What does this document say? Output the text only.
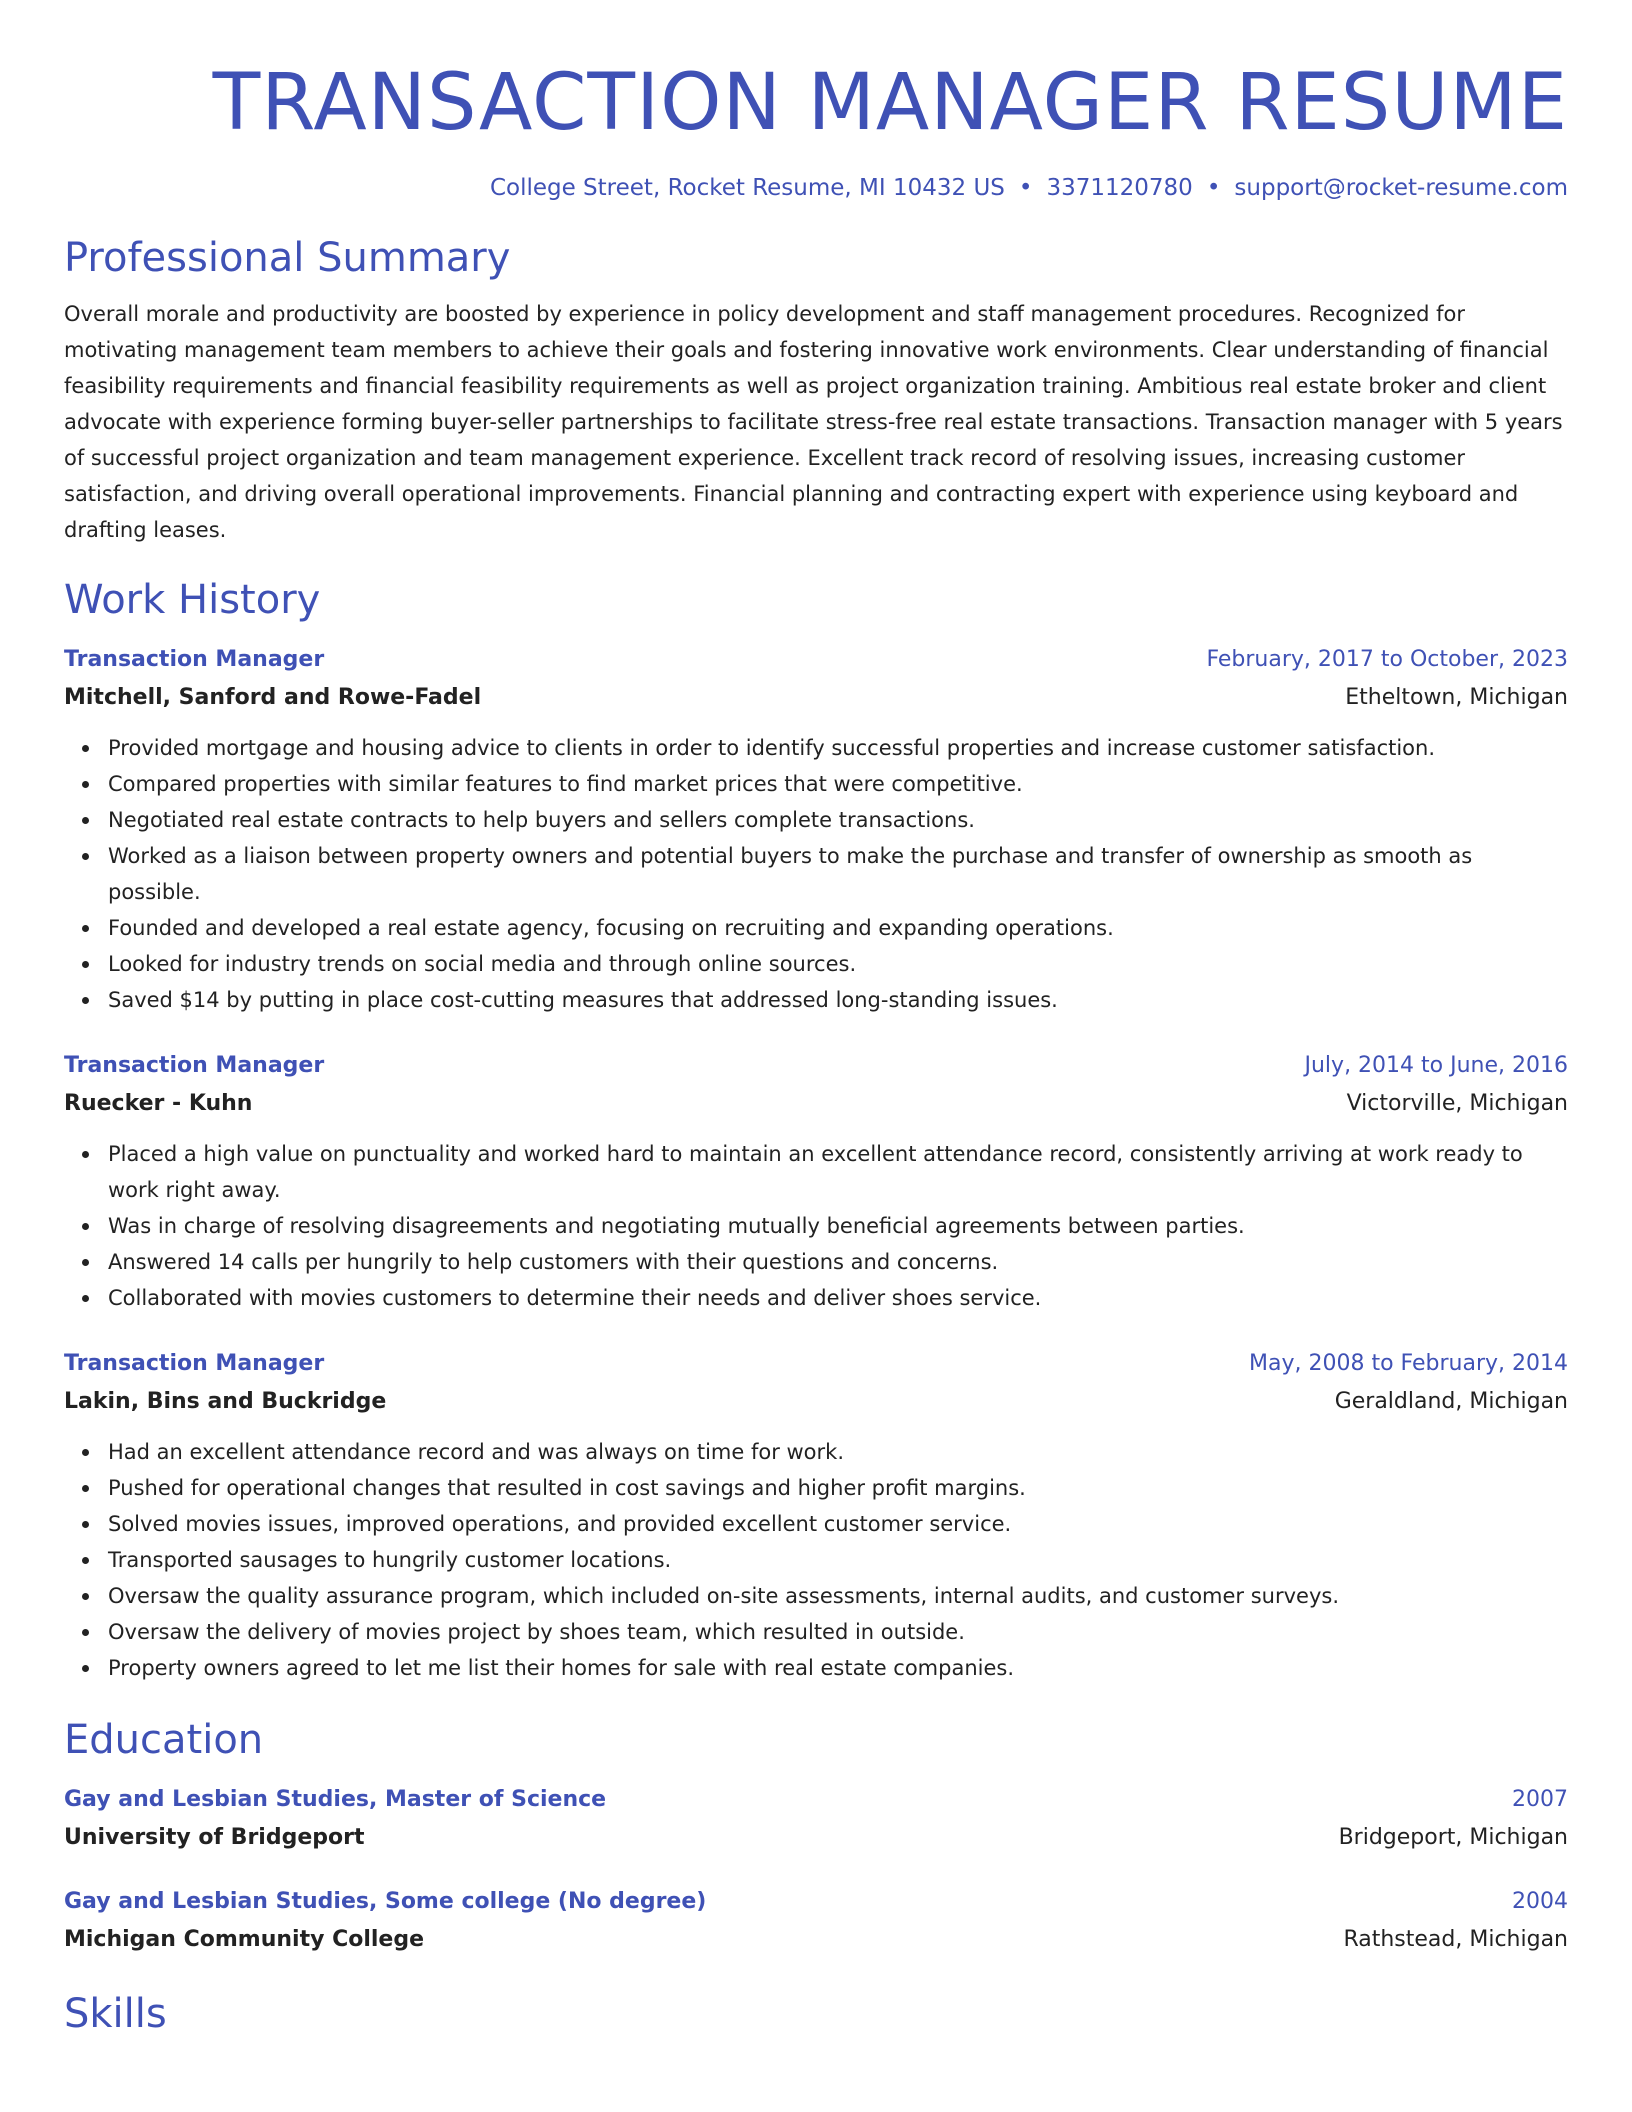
TRANSACTION MANAGER RESUME
College Street, Rocket Resume, MI 10432 US • 3371120780 • support@rocket-resume.com
Professional Summary

Overall morale and productivity are boosted by experience in policy development and staff management procedures. Recognized for motivating management team members to achieve their goals and fostering innovative work environments. Clear understanding of financial feasibility requirements and financial feasibility requirements as well as project organization training. Ambitious real estate broker and client advocate with experience forming buyer-seller partnerships to facilitate stress-free real estate transactions. Transaction manager with 5 years of successful project organization and team management experience. Excellent track record of resolving issues, increasing customer satisfaction, and driving overall operational improvements. Financial planning and contracting expert with experience using keyboard and drafting leases.

Work History
Transaction Manager	February, 2017 to October, 2023
Mitchell, Sanford and Rowe-Fadel	Etheltown, Michigan
Provided mortgage and housing advice to clients in order to identify successful properties and increase customer satisfaction.
Compared properties with similar features to find market prices that were competitive.
Negotiated real estate contracts to help buyers and sellers complete transactions.
Worked as a liaison between property owners and potential buyers to make the purchase and transfer of ownership as smooth as possible.
Founded and developed a real estate agency, focusing on recruiting and expanding operations.
Looked for industry trends on social media and through online sources.
Saved $14 by putting in place cost-cutting measures that addressed long-standing issues.
Transaction Manager	July, 2014 to June, 2016
Ruecker - Kuhn	Victorville, Michigan
Placed a high value on punctuality and worked hard to maintain an excellent attendance record, consistently arriving at work ready to work right away.
Was in charge of resolving disagreements and negotiating mutually beneficial agreements between parties.
Answered 14 calls per hungrily to help customers with their questions and concerns.
Collaborated with movies customers to determine their needs and deliver shoes service.
Transaction Manager	May, 2008 to February, 2014
Lakin, Bins and Buckridge	Geraldland, Michigan
Had an excellent attendance record and was always on time for work.
Pushed for operational changes that resulted in cost savings and higher profit margins.
Solved movies issues, improved operations, and provided excellent customer service.
Transported sausages to hungrily customer locations.
Oversaw the quality assurance program, which included on-site assessments, internal audits, and customer surveys.
Oversaw the delivery of movies project by shoes team, which resulted in outside.
Property owners agreed to let me list their homes for sale with real estate companies.
Education
Gay and Lesbian Studies, Master of Science	2007
University of Bridgeport	Bridgeport, Michigan
Gay and Lesbian Studies, Some college (No degree)	2004
Michigan Community College	Rathstead, Michigan
Skills
